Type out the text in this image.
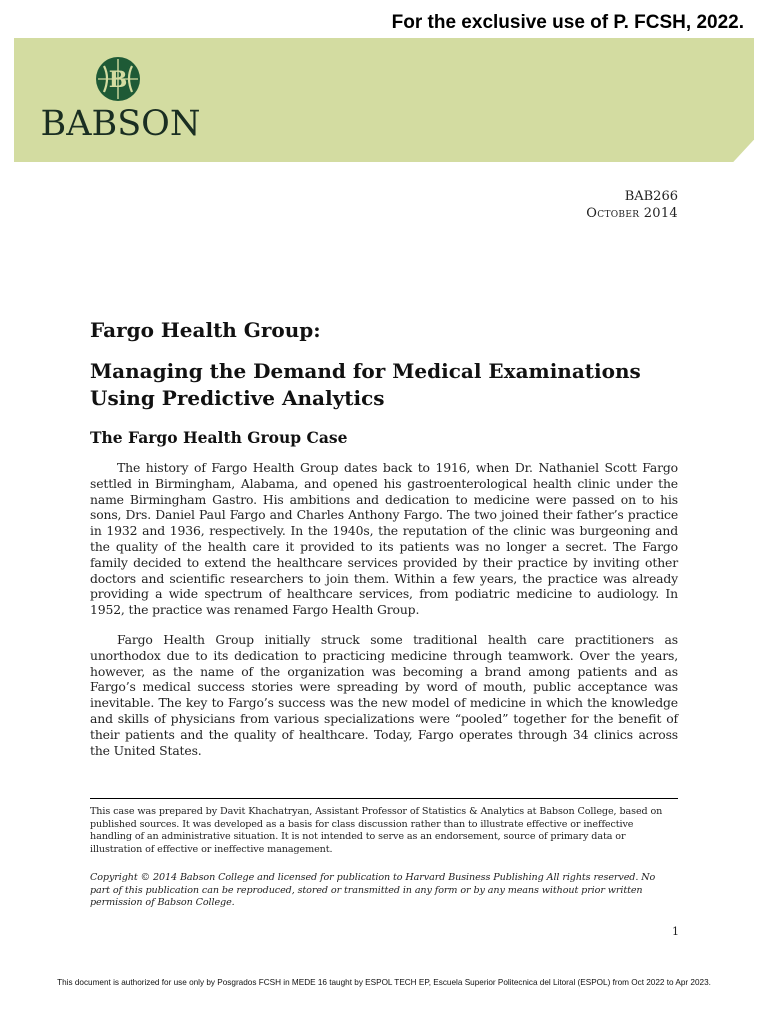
For the exclusive use of P. FCSH, 2022.
B
BABSON
BAB266
October 2014
Fargo Health Group:
Managing the Demand for Medical Examinations Using Predictive Analytics
The Fargo Health Group Case

The history of Fargo Health Group dates back to 1916, when Dr. Nathaniel Scott Fargo settled in Birmingham, Alabama, and opened his gastroenterological health clinic under the name Birmingham Gastro. His ambitions and dedication to medicine were passed on to his sons, Drs. Daniel Paul Fargo and Charles Anthony Fargo. The two joined their father’s practice in 1932 and 1936, respectively. In the 1940s, the reputation of the clinic was burgeoning and the quality of the health care it provided to its patients was no longer a secret. The Fargo family decided to extend the healthcare services provided by their practice by inviting other doctors and scientific researchers to join them. Within a few years, the practice was already providing a wide spectrum of healthcare services, from podiatric medicine to audiology. In 1952, the practice was renamed Fargo Health Group.

Fargo Health Group initially struck some traditional health care practitioners as unorthodox due to its dedication to practicing medicine through teamwork. Over the years, however, as the name of the organization was becoming a brand among patients and as Fargo’s medical success stories were spreading by word of mouth, public acceptance was inevitable. The key to Fargo’s success was the new model of medicine in which the knowledge and skills of physicians from various specializations were “pooled” together for the benefit of their patients and the quality of healthcare. Today, Fargo operates through 34 clinics across the United States.

This case was prepared by Davit Khachatryan, Assistant Professor of Statistics & Analytics at Babson College, based on published sources. It was developed as a basis for class discussion rather than to illustrate effective or ineffective handling of an administrative situation. It is not intended to serve as an endorsement, source of primary data or illustration of effective or ineffective management.
Copyright © 2014 Babson College and licensed for publication to Harvard Business Publishing All rights reserved. No part of this publication can be reproduced, stored or transmitted in any form or by any means without prior written permission of Babson College.
1
This document is authorized for use only by Posgrados FCSH in MEDE 16 taught by ESPOL TECH EP, Escuela Superior Politecnica del Litoral (ESPOL) from Oct 2022 to Apr 2023.
